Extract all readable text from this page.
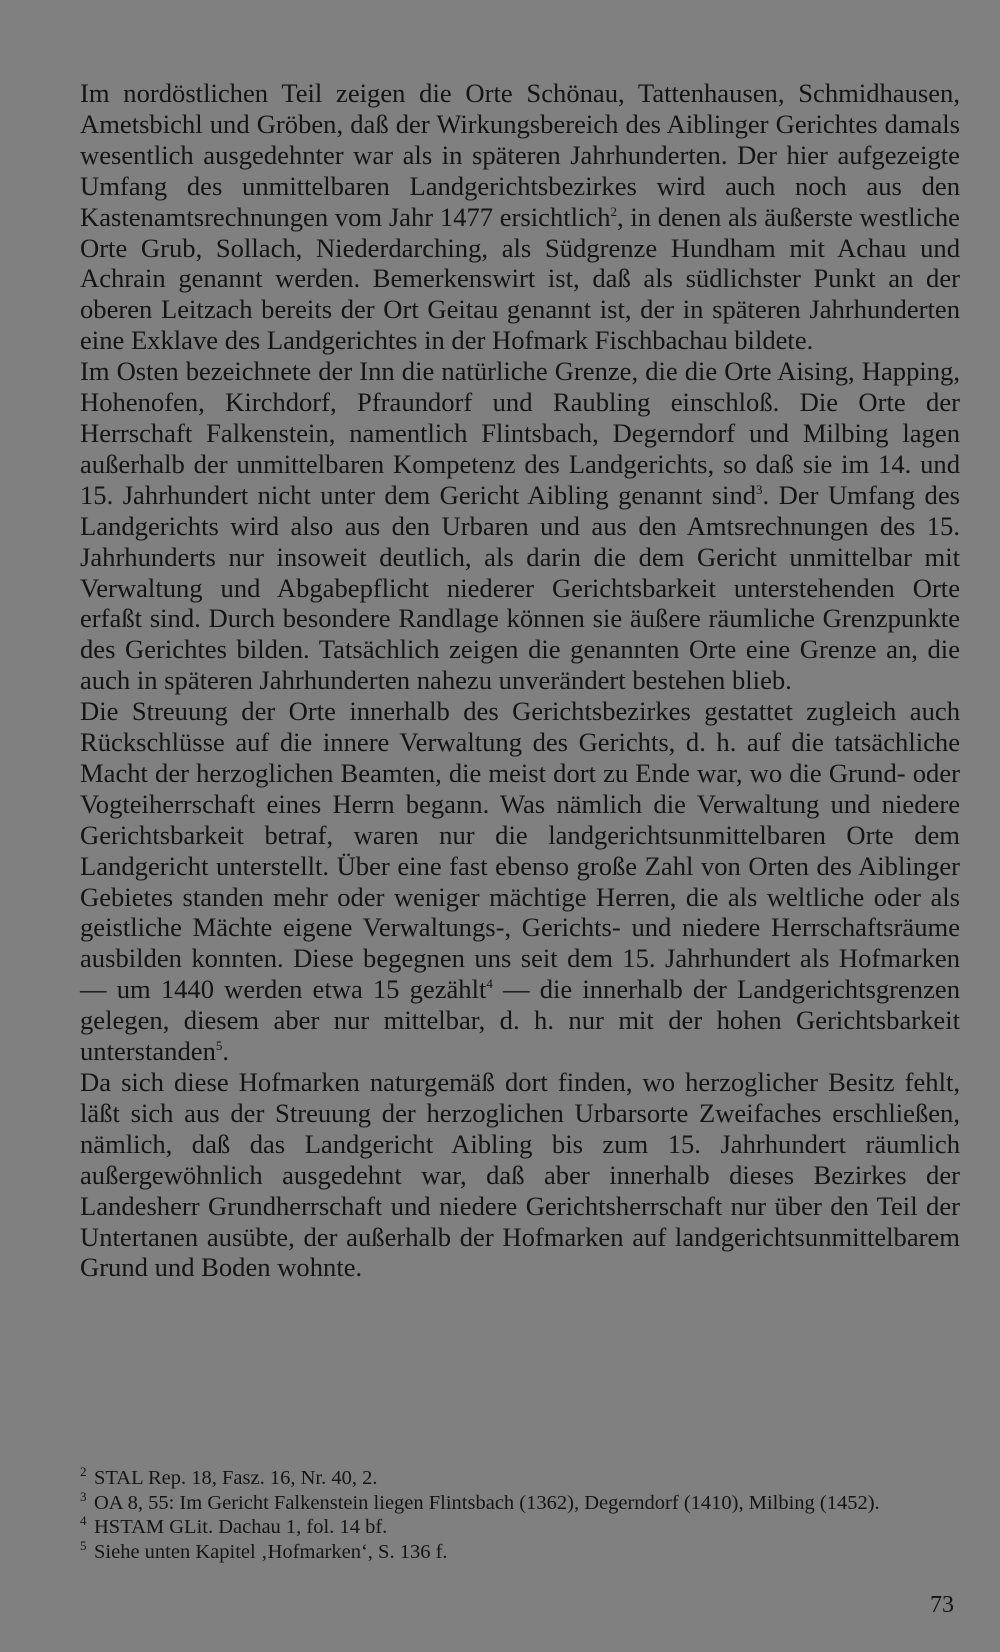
Im nordöstlichen Teil zeigen die Orte Schönau, Tattenhausen, Schmidhausen, Ametsbichl und Gröben, daß der Wirkungsbereich des Aiblinger Gerichtes damals wesentlich ausgedehnter war als in späteren Jahrhunderten. Der hier aufgezeigte Umfang des unmittelbaren Landgerichtsbezirkes wird auch noch aus den Kastenamtsrechnungen vom Jahr 1477 ersichtlich$^2$, in denen als äußerste westliche Orte Grub, Sollach, Niederdarching, als Südgrenze Hundham mit Achau und Achrain genannt werden. Bemerkenswirt ist, daß als südlichster Punkt an der oberen Leitzach bereits der Ort Geitau genannt ist, der in späteren Jahrhunderten eine Exklave des Landgerichtes in der Hofmark Fischbachau bildete.

Im Osten bezeichnete der Inn die natürliche Grenze, die die Orte Aising, Happing, Hohenofen, Kirchdorf, Pfraundorf und Raubling einschloß. Die Orte der Herrschaft Falkenstein, namentlich Flintsbach, Degerndorf und Milbing lagen außerhalb der unmittelbaren Kompetenz des Landgerichts, so daß sie im 14. und 15. Jahrhundert nicht unter dem Gericht Aibling genannt sind$^3$. Der Umfang des Landgerichts wird also aus den Urbaren und aus den Amtsrechnungen des 15. Jahrhunderts nur insoweit deutlich, als darin die dem Gericht unmittelbar mit Verwaltung und Abgabepflicht niederer Gerichtsbarkeit unterstehenden Orte erfaßt sind. Durch besondere Randlage können sie äußere räumliche Grenzpunkte des Gerichtes bilden. Tatsächlich zeigen die genannten Orte eine Grenze an, die auch in späteren Jahrhunderten nahezu unverändert bestehen blieb.

Die Streuung der Orte innerhalb des Gerichtsbezirkes gestattet zugleich auch Rückschlüsse auf die innere Verwaltung des Gerichts, d. h. auf die tatsächliche Macht der herzoglichen Beamten, die meist dort zu Ende war, wo die Grund- oder Vogteiherrschaft eines Herrn begann. Was nämlich die Verwaltung und niedere Gerichtsbarkeit betraf, waren nur die landgerichtsunmittelbaren Orte dem Landgericht unterstellt. Über eine fast ebenso große Zahl von Orten des Aiblinger Gebietes standen mehr oder weniger mächtige Herren, die als weltliche oder als geistliche Mächte eigene Verwaltungs-, Gerichts- und niedere Herrschaftsräume ausbilden konnten. Diese begegnen uns seit dem 15. Jahrhundert als Hofmarken — um 1440 werden etwa 15 gezählt$^4$ — die innerhalb der Landgerichtsgrenzen gelegen, diesem aber nur mittelbar, d. h. nur mit der hohen Gerichtsbarkeit unterstanden$^5$.

Da sich diese Hofmarken naturgemäß dort finden, wo herzoglicher Besitz fehlt, läßt sich aus der Streuung der herzoglichen Urbarsorte Zweifaches erschließen, nämlich, daß das Landgericht Aibling bis zum 15. Jahrhundert räumlich außergewöhnlich ausgedehnt war, daß aber innerhalb dieses Bezirkes der Landesherr Grundherrschaft und niedere Gerichtsherrschaft nur über den Teil der Untertanen ausübte, der außerhalb der Hofmarken auf landgerichtsunmittelbarem Grund und Boden wohnte.

2 STAL Rep. 18, Fasz. 16, Nr. 40, 2.
3 OA 8, 55: Im Gericht Falkenstein liegen Flintsbach (1362), Degerndorf (1410), Milbing (1452).
4 HSTAM GLit. Dachau 1, fol. 14 bf.
5 Siehe unten Kapitel ‚Hofmarken‘, S. 136 f.
73
